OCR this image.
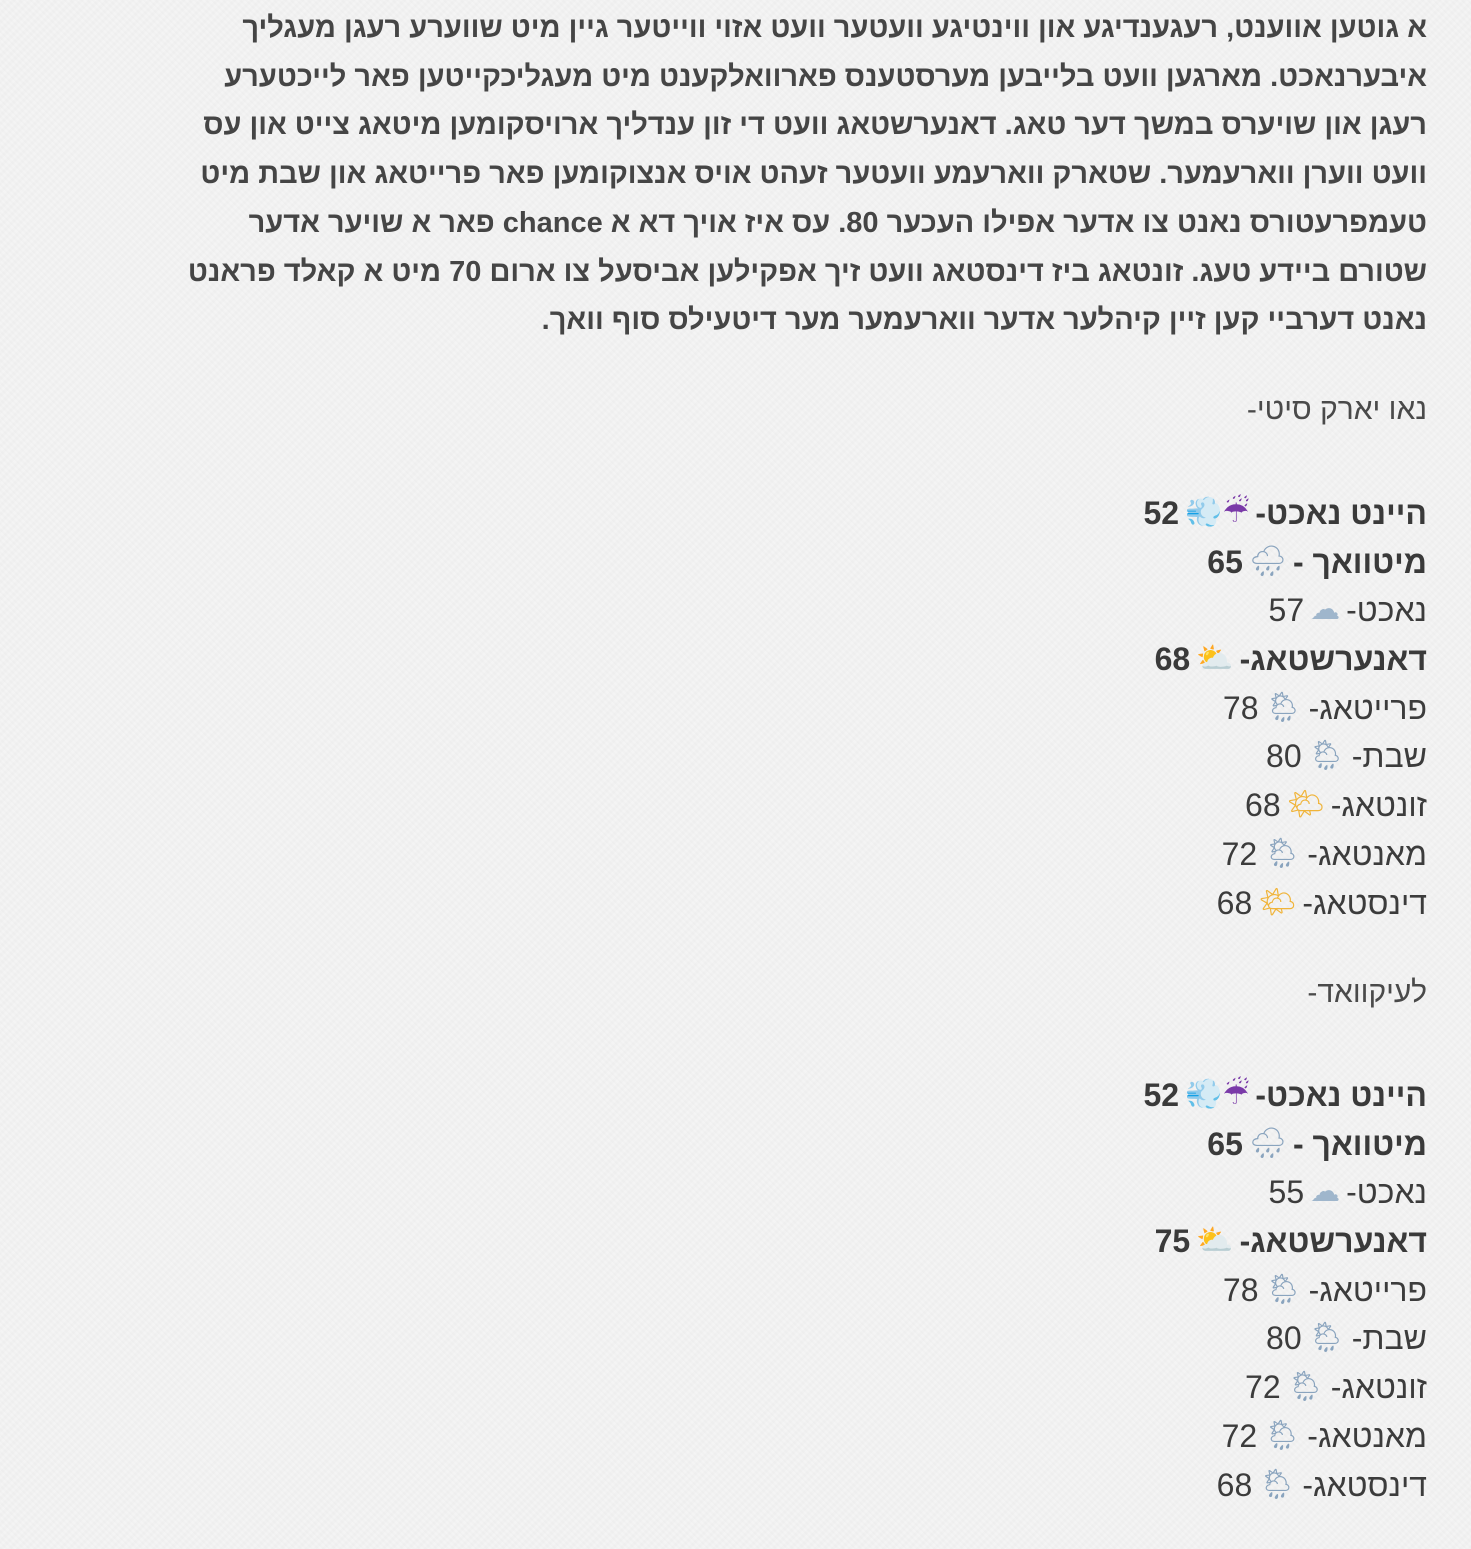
א גוטען אווענט, רעגענדיגע און ווינטיגע וועטער וועט אזוי ווייטער גיין מיט שווערע רעגן מעגליך
איבערנאכט. מארגען וועט בלייבען מערסטענס פארוואלקענט מיט מעגליכקייטען פאר לייכטערע
רעגן און שויערס במשך דער טאג. דאנערשטאג וועט די זון ענדליך ארויסקומען מיטאג צייט און עס
וועט ווערן ווארעמער. שטארק ווארעמע וועטער זעהט אויס אנצוקומען פאר פרייטאג און שבת מיט
טעמפרעטורס נאנט צו אדער אפילו העכער 80. עס איז אויך דא א chance פאר א שויער אדער
שטורם ביידע טעג. זונטאג ביז דינסטאג וועט זיך אפקילען אביסעל צו ארום 70 מיט א קאלד פראנט
נאנט דערביי קען זיין קיהלער אדער ווארעמער מער דיטעילס סוף וואך.
נאו יארק סיטי-
היינט נאכט-☔💨52
מיטוואך -🌧65
נאכט-☁57
דאנערשטאג-⛅68
פרייטאג-🌦78
שבת-🌦80
זונטאג-🌤68
מאנטאג-🌦72
דינסטאג-🌤68
לעיקוואד-
היינט נאכט-☔💨52
מיטוואך -🌧65
נאכט-☁55
דאנערשטאג-⛅75
פרייטאג-🌦78
שבת-🌦80
זונטאג-🌦72
מאנטאג-🌦72
דינסטאג-🌦68
